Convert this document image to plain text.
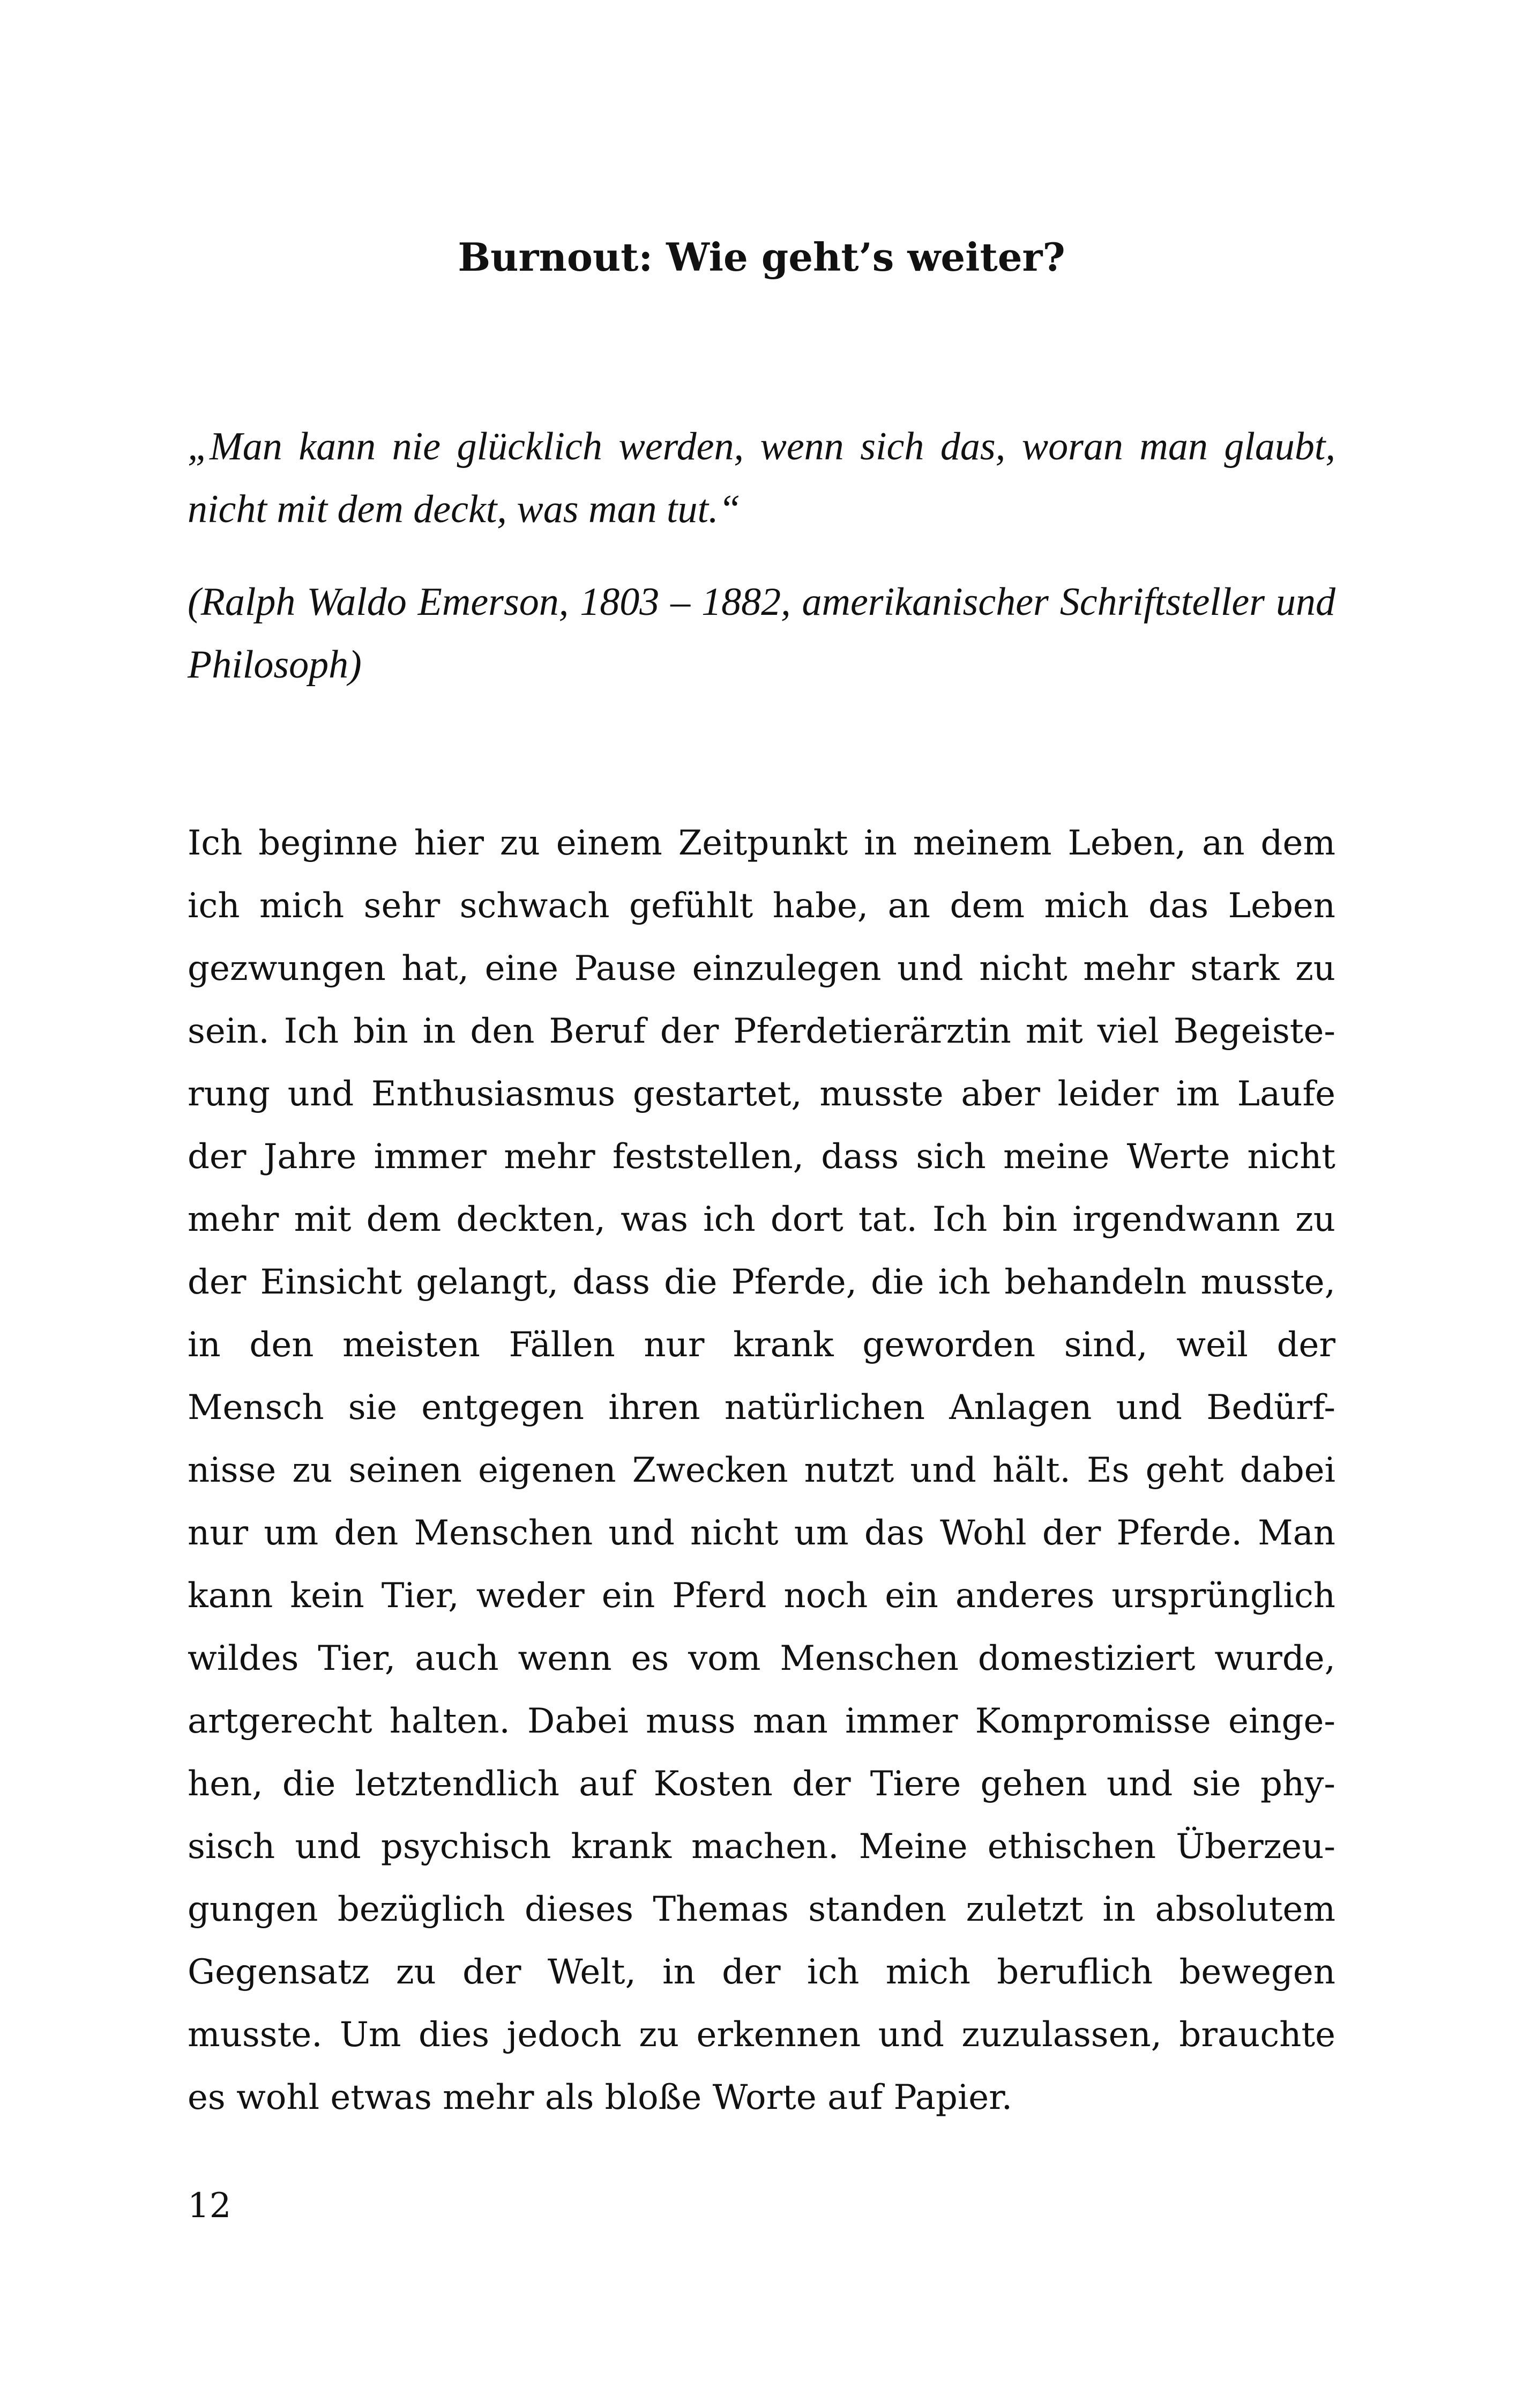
Burnout: Wie geht’s weiter?

„Man kann nie glücklich werden, wenn sich das, woran man glaubt, nicht mit dem deckt, was man tut.“

(Ralph Waldo Emerson, 1803 – 1882, amerikanischer Schriftsteller und Philosoph)

Ich beginne hier zu einem Zeitpunkt in meinem Leben, an dem
ich mich sehr schwach gefühlt habe, an dem mich das Leben
gezwungen hat, eine Pause einzulegen und nicht mehr stark zu
sein. Ich bin in den Beruf der Pferdetierärztin mit viel Begeiste-
rung und Enthusiasmus gestartet, musste aber leider im Laufe
der Jahre immer mehr feststellen, dass sich meine Werte nicht
mehr mit dem deckten, was ich dort tat. Ich bin irgendwann zu
der Einsicht gelangt, dass die Pferde, die ich behandeln musste,
in den meisten Fällen nur krank geworden sind, weil der
Mensch sie entgegen ihren natürlichen Anlagen und Bedürf-
nisse zu seinen eigenen Zwecken nutzt und hält. Es geht dabei
nur um den Menschen und nicht um das Wohl der Pferde. Man
kann kein Tier, weder ein Pferd noch ein anderes ursprünglich
wildes Tier, auch wenn es vom Menschen domestiziert wurde,
artgerecht halten. Dabei muss man immer Kompromisse einge-
hen, die letztendlich auf Kosten der Tiere gehen und sie phy-
sisch und psychisch krank machen. Meine ethischen Überzeu-
gungen bezüglich dieses Themas standen zuletzt in absolutem
Gegensatz zu der Welt, in der ich mich beruflich bewegen
musste. Um dies jedoch zu erkennen und zuzulassen, brauchte
es wohl etwas mehr als bloße Worte auf Papier.
12
